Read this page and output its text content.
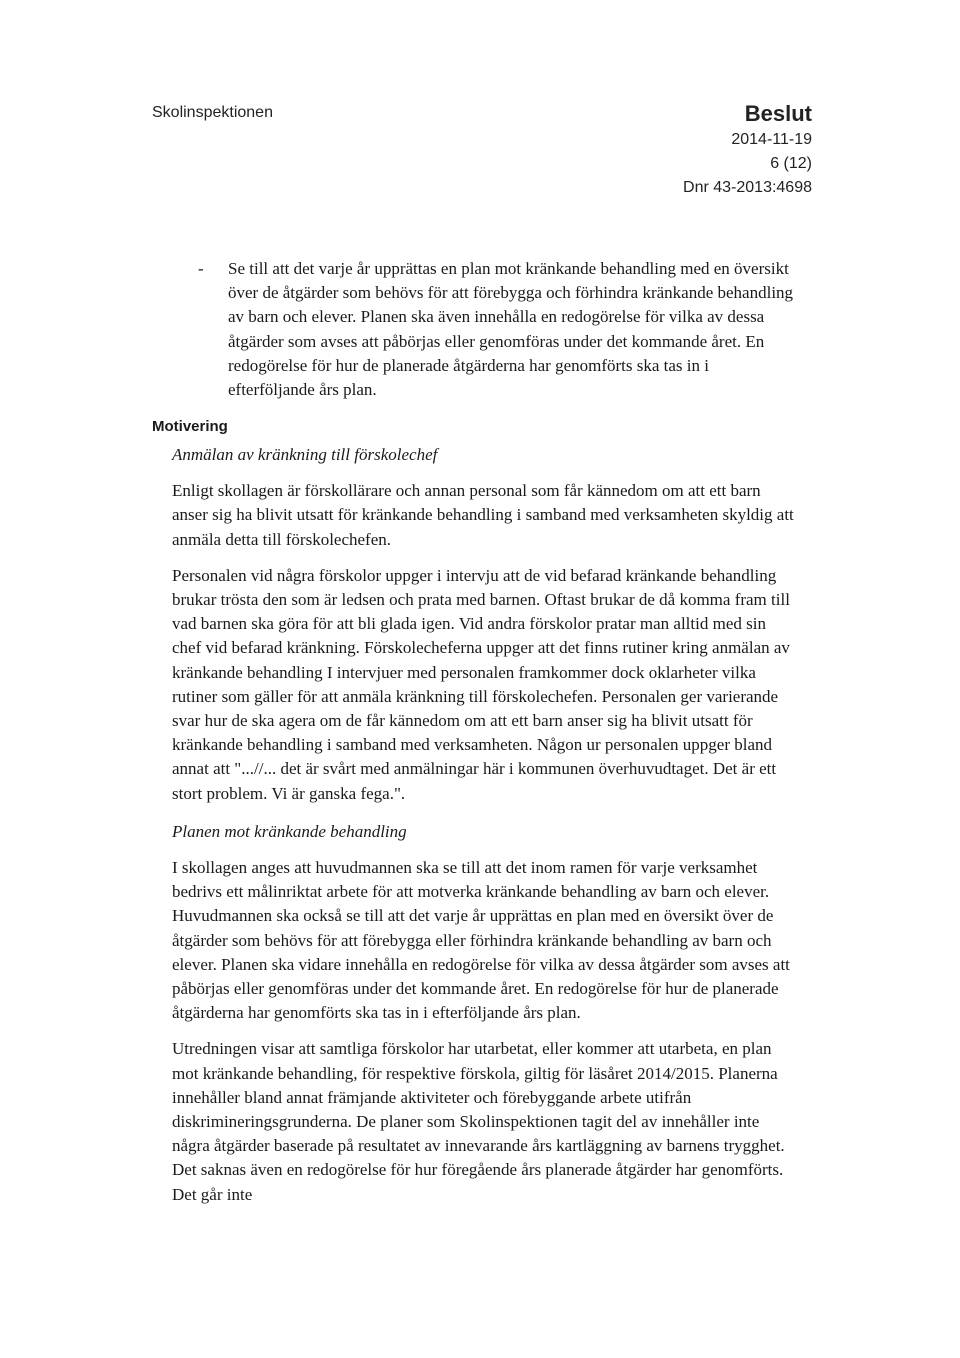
Skolinspektionen	Beslut
2014-11-19
6 (12)
Dnr 43-2013:4698
- Se till att det varje år upprättas en plan mot kränkande behandling med en översikt över de åtgärder som behövs för att förebygga och förhindra kränkande behandling av barn och elever. Planen ska även innehålla en redogörelse för vilka av dessa åtgärder som avses att påbörjas eller genomföras under det kommande året. En redogörelse för hur de planerade åtgärderna har genomförts ska tas in i efterföljande års plan.
Motivering
Anmälan av kränkning till förskolechef

Enligt skollagen är förskollärare och annan personal som får kännedom om att ett barn anser sig ha blivit utsatt för kränkande behandling i samband med verksamheten skyldig att anmäla detta till förskolechefen.

Personalen vid några förskolor uppger i intervju att de vid befarad kränkande behandling brukar trösta den som är ledsen och prata med barnen. Oftast brukar de då komma fram till vad barnen ska göra för att bli glada igen. Vid andra förskolor pratar man alltid med sin chef vid befarad kränkning. Förskolecheferna uppger att det finns rutiner kring anmälan av kränkande behandling I intervjuer med personalen framkommer dock oklarheter vilka rutiner som gäller för att anmäla kränkning till förskolechefen. Personalen ger varierande svar hur de ska agera om de får kännedom om att ett barn anser sig ha blivit utsatt för kränkande behandling i samband med verksamheten. Någon ur personalen uppger bland annat att "...//... det är svårt med anmälningar här i kommunen överhuvudtaget. Det är ett stort problem. Vi är ganska fega.".

Planen mot kränkande behandling

I skollagen anges att huvudmannen ska se till att det inom ramen för varje verksamhet bedrivs ett målinriktat arbete för att motverka kränkande behandling av barn och elever. Huvudmannen ska också se till att det varje år upprättas en plan med en översikt över de åtgärder som behövs för att förebygga eller förhindra kränkande behandling av barn och elever. Planen ska vidare innehålla en redogörelse för vilka av dessa åtgärder som avses att påbörjas eller genomföras under det kommande året. En redogörelse för hur de planerade åtgärderna har genomförts ska tas in i efterföljande års plan.

Utredningen visar att samtliga förskolor har utarbetat, eller kommer att utarbeta, en plan mot kränkande behandling, för respektive förskola, giltig för läsåret 2014/2015. Planerna innehåller bland annat främjande aktiviteter och förebyggande arbete utifrån diskrimineringsgrunderna. De planer som Skolinspektionen tagit del av innehåller inte några åtgärder baserade på resultatet av innevarande års kartläggning av barnens trygghet. Det saknas även en redogörelse för hur föregående års planerade åtgärder har genomförts. Det går inte
